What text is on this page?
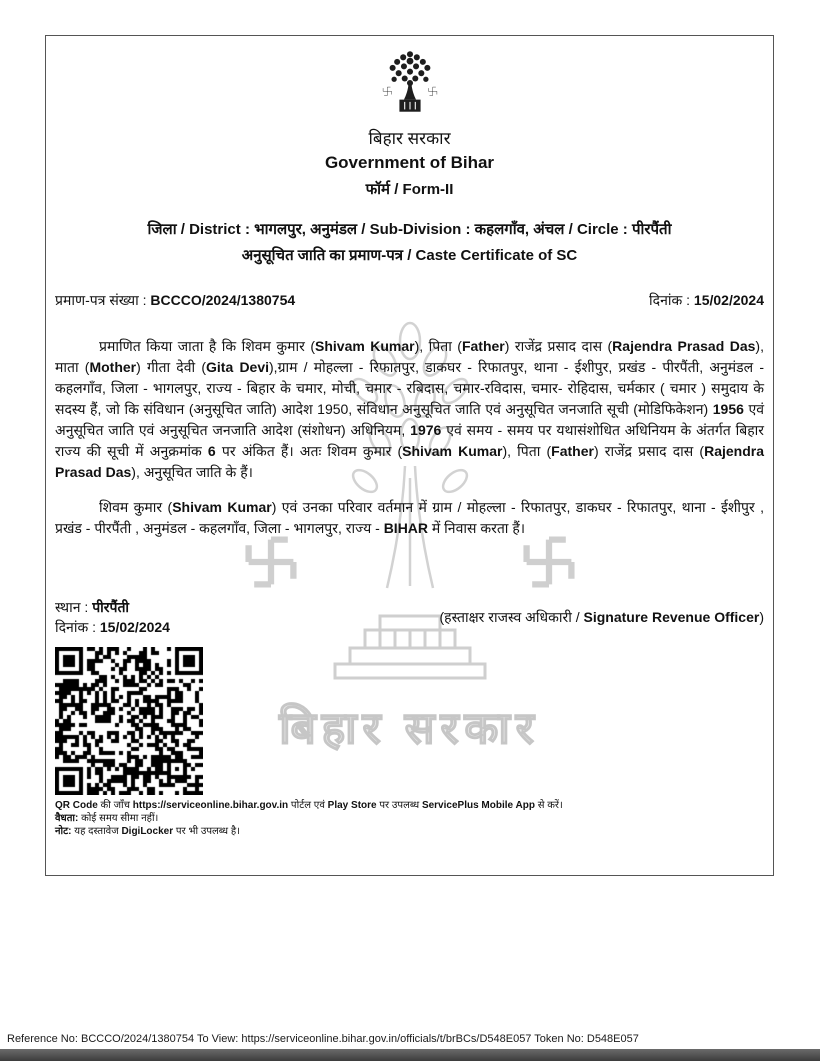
बिहार सरकार
बिहार सरकार
Government of Bihar
फॉर्म / Form-II
जिला / District : भागलपुर, अनुमंडल / Sub-Division : कहलगाँव, अंचल / Circle : पीरपैंती
अनुसूचित जाति का प्रमाण-पत्र / Caste Certificate of SC
प्रमाण-पत्र संख्या : BCCCO/2024/1380754	दिनांक : 15/02/2024
प्रमाणित किया जाता है कि शिवम कुमार (Shivam Kumar), पिता (Father) राजेंद्र प्रसाद दास (Rajendra Prasad Das), माता (Mother) गीता देवी (Gita Devi),ग्राम / मोहल्ला - रिफातपुर, डाकघर - रिफातपुर, थाना - ईशीपुर, प्रखंड - पीरपैंती, अनुमंडल - कहलगाँव, जिला - भागलपुर, राज्य - बिहार के चमार, मोची, चमार - रबिदास, चमार-रविदास, चमार- रोहिदास, चर्मकार ( चमार ) समुदाय के सदस्य हैं, जो कि संविधान (अनुसूचित जाति) आदेश 1950, संविधान अनुसूचित जाति एवं अनुसूचित जनजाति सूची (मोडिफिकेशन) 1956 एवं अनुसूचित जाति एवं अनुसूचित जनजाति आदेश (संशोधन) अधिनियम, 1976 एवं समय - समय पर यथासंशोधित अधिनियम के अंतर्गत बिहार राज्य की सूची में अनुक्रमांक 6 पर अंकित हैं। अतः शिवम कुमार (Shivam Kumar), पिता (Father) राजेंद्र प्रसाद दास (Rajendra Prasad Das), अनुसूचित जाति के हैं।
शिवम कुमार (Shivam Kumar) एवं उनका परिवार वर्तमान में ग्राम / मोहल्ला - रिफातपुर, डाकघर - रिफातपुर, थाना - ईशीपुर , प्रखंड - पीरपैंती , अनुमंडल - कहलगाँव, जिला - भागलपुर, राज्य - BIHAR में निवास करता हैं।
स्थान : पीरपैंती
दिनांक : 15/02/2024
(हस्ताक्षर राजस्व अधिकारी / Signature Revenue Officer)
QR Code की जाँच https://serviceonline.bihar.gov.in पोर्टल एवं Play Store पर उपलब्ध ServicePlus Mobile App से करें।
वैधता: कोई समय सीमा नहीं।
नोट: यह दस्तावेज DigiLocker पर भी उपलब्ध है।
Reference No: BCCCO/2024/1380754 To View: https://serviceonline.bihar.gov.in/officials/t/brBCs/D548E057 Token No: D548E057
